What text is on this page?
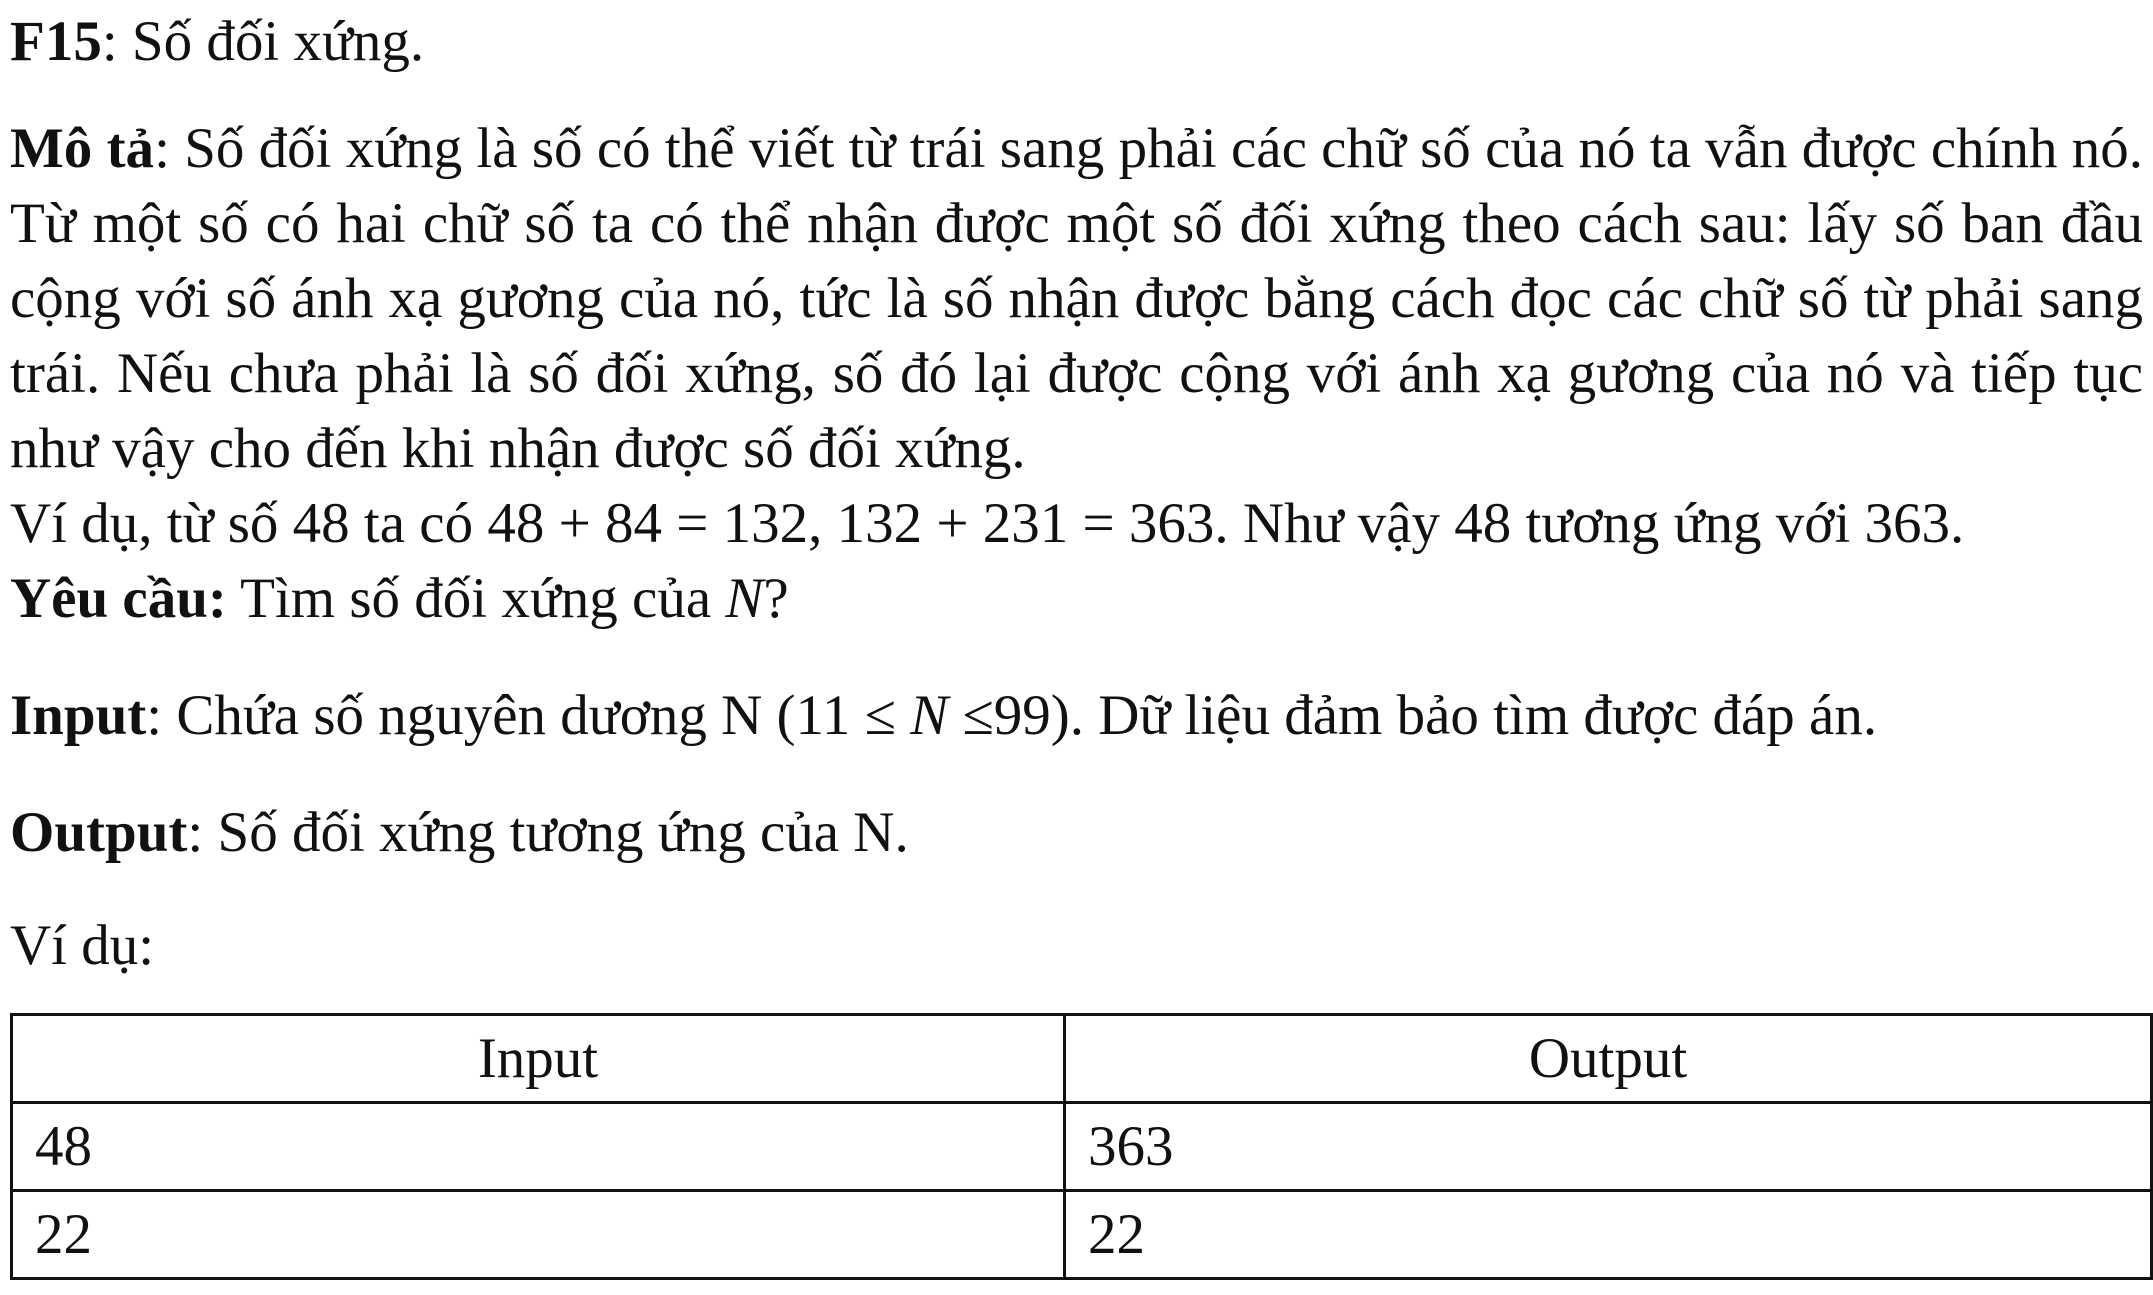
F15: Số đối xứng.

Mô tả: Số đối xứng là số có thể viết từ trái sang phải các chữ số của nó ta vẫn được chính nó. Từ một số có hai chữ số ta có thể nhận được một số đối xứng theo cách sau: lấy số ban đầu cộng với số ánh xạ gương của nó, tức là số nhận được bằng cách đọc các chữ số từ phải sang trái. Nếu chưa phải là số đối xứng, số đó lại được cộng với ánh xạ gương của nó và tiếp tục như vậy cho đến khi nhận được số đối xứng.

Ví dụ, từ số 48 ta có 48 + 84 = 132, 132 + 231 = 363. Như vậy 48 tương ứng với 363.

Yêu cầu: Tìm số đối xứng của N?

Input: Chứa số nguyên dương N (11 ≤ N ≤99). Dữ liệu đảm bảo tìm được đáp án.

Output: Số đối xứng tương ứng của N.

Ví dụ:

Input	Output
48	363
22	22
